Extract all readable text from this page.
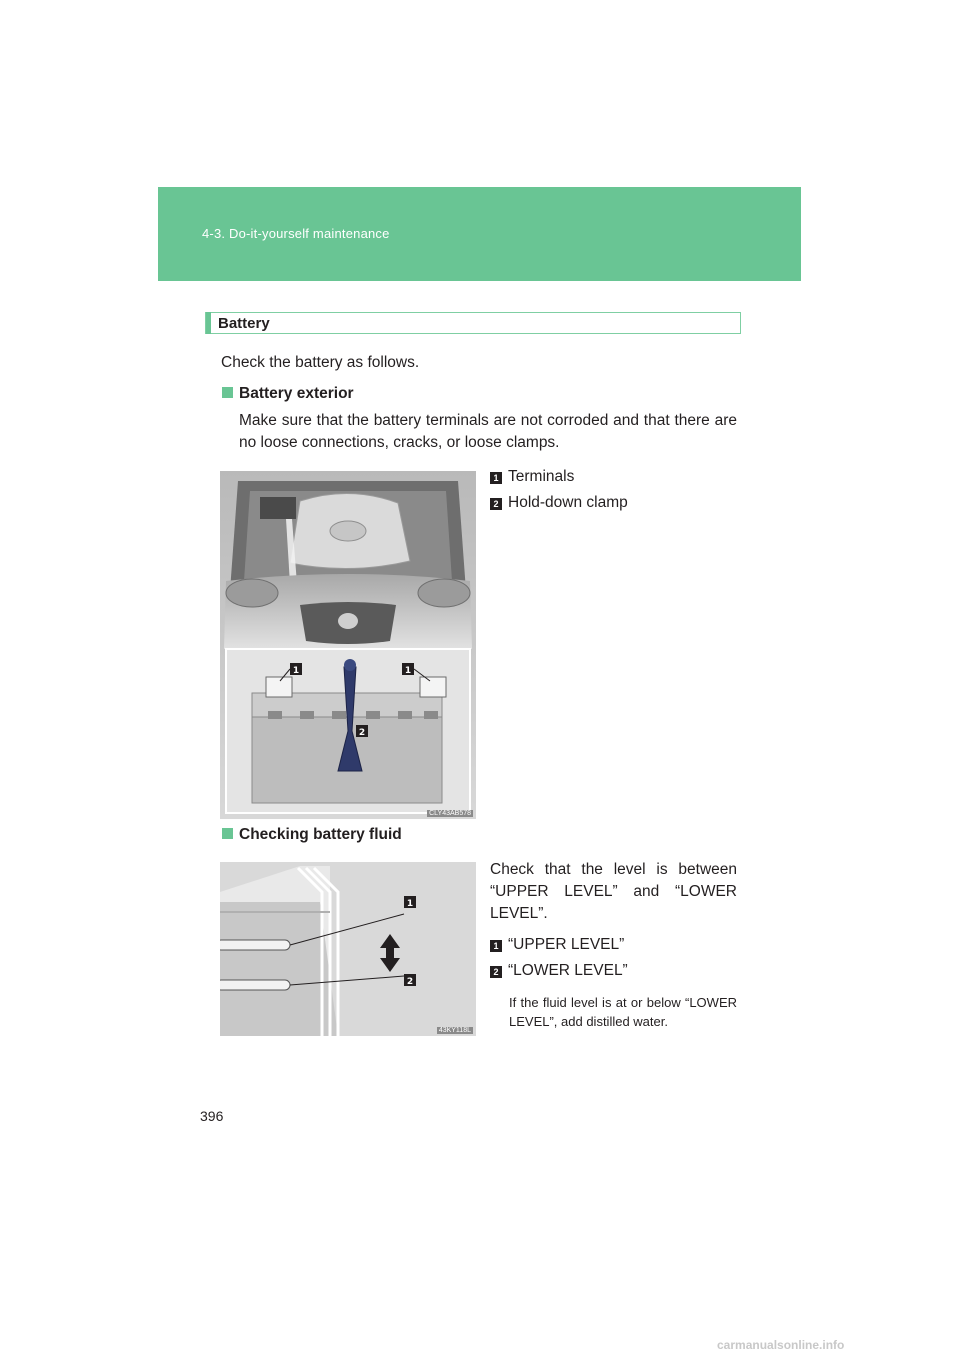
4-3. Do-it-yourself maintenance
Battery
Check the battery as follows.
Battery exterior
Make sure that the battery terminals are not corroded and that there are no loose connections, cracks, or loose clamps.
1	1
2
CLY43AB578
1 Terminals
2 Hold-down clamp
Checking battery fluid
1
2
43KY118L
Check that the level is between “UPPER LEVEL” and “LOWER LEVEL”.
1 “UPPER LEVEL”
2 “LOWER LEVEL”
If the fluid level is at or below “LOWER LEVEL”, add distilled water.
396
carmanualsonline.info
